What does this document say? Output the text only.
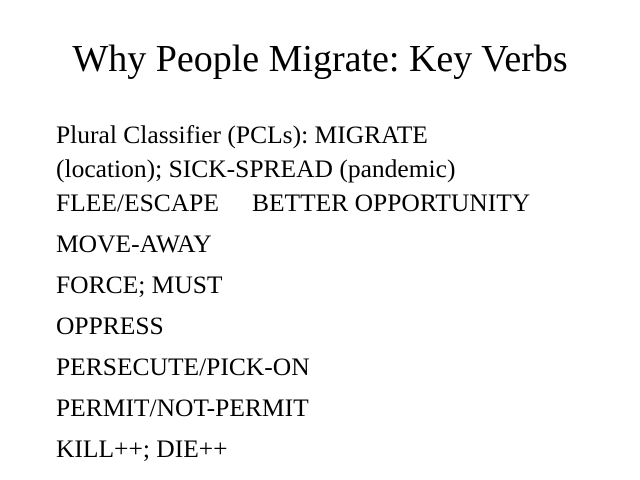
Why People Migrate: Key Verbs
Plural Classifier (PCLs): MIGRATE
(location); SICK-SPREAD (pandemic)
FLEE/ESCAPE BETTER OPPORTUNITY
MOVE-AWAY
FORCE; MUST
OPPRESS
PERSECUTE/PICK-ON
PERMIT/NOT-PERMIT
KILL++; DIE++
